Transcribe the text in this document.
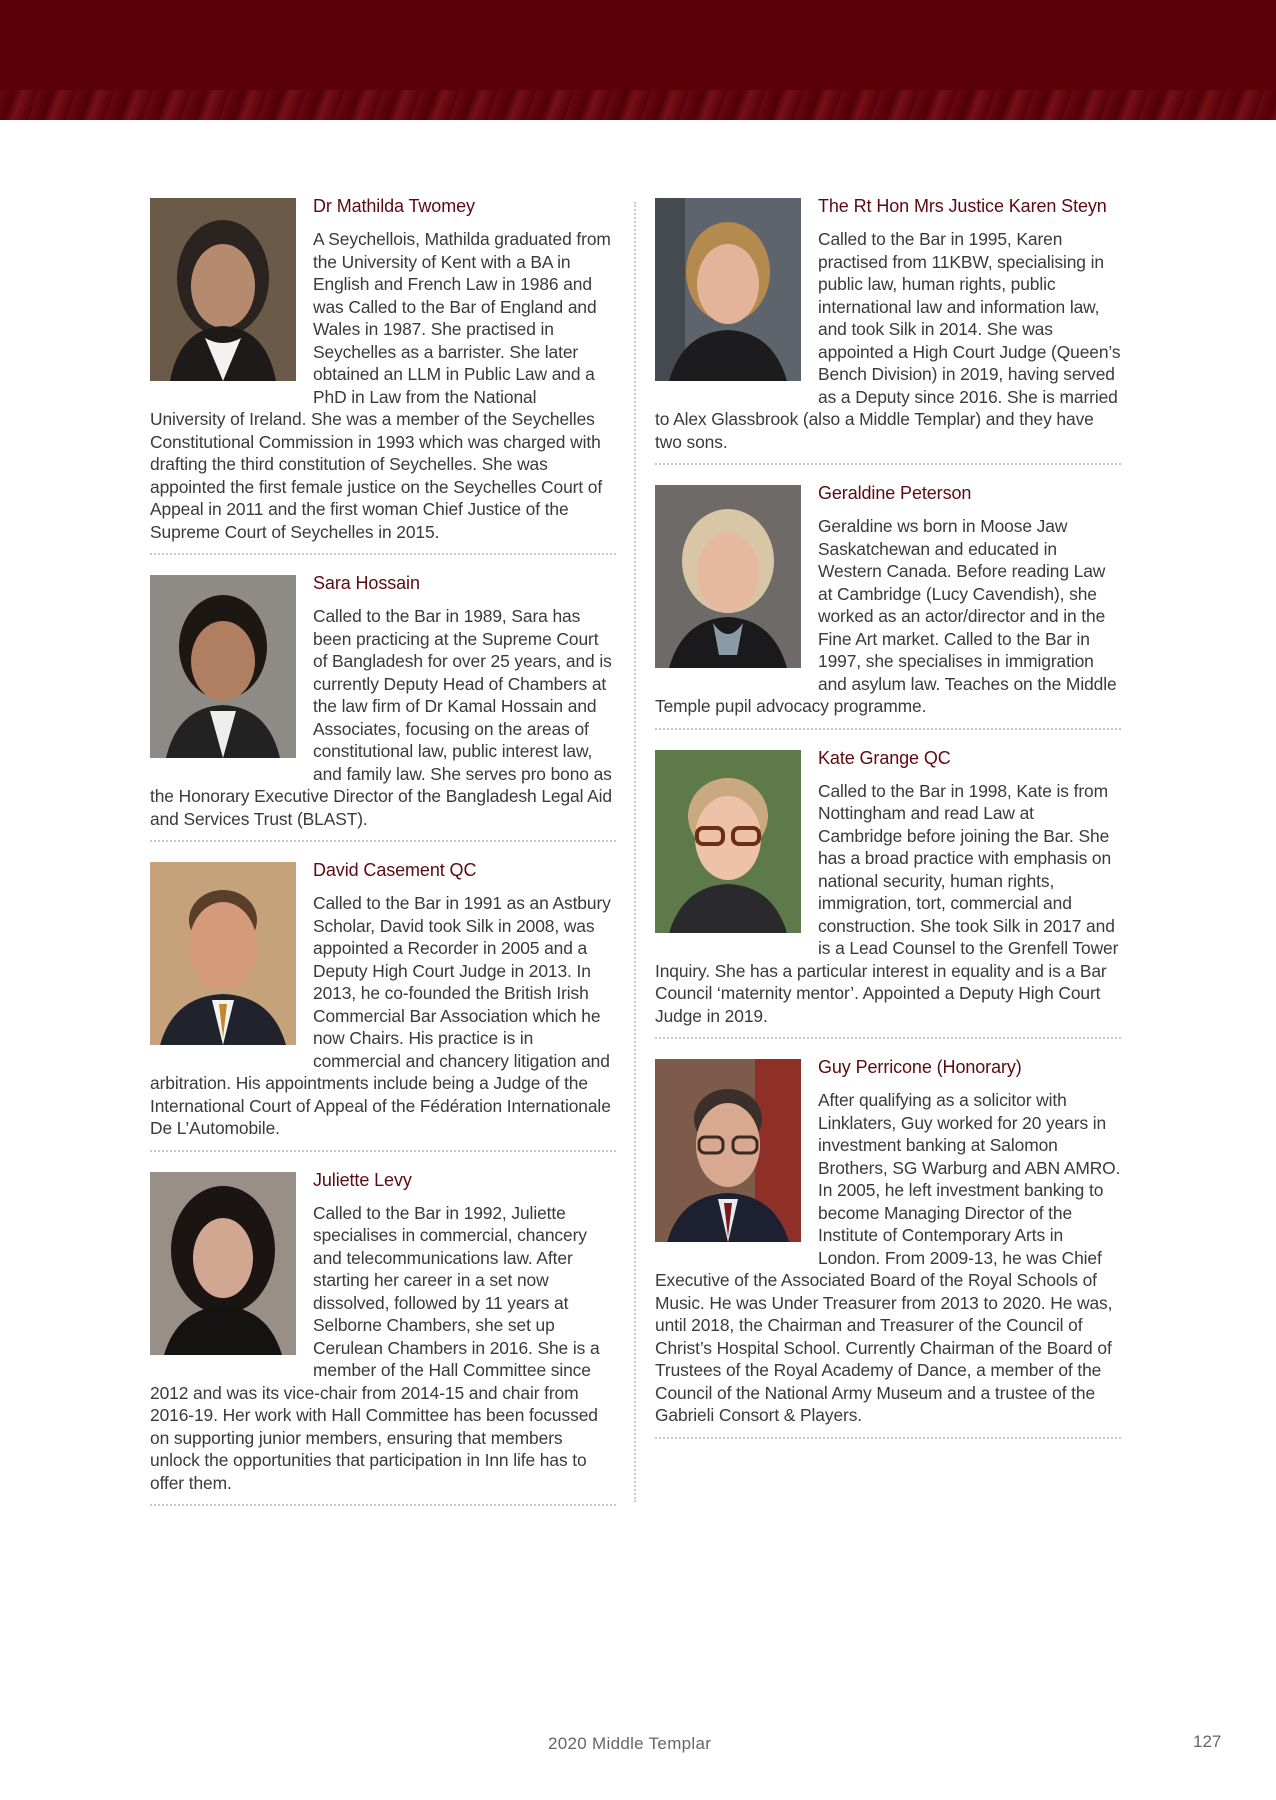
Dr Mathilda Twomey
A Seychellois, Mathilda graduated from the University of Kent with a BA in English and French Law in 1986 and was Called to the Bar of England and Wales in 1987. She practised in Seychelles as a barrister. She later obtained an LLM in Public Law and a PhD in Law from the National University of Ireland. She was a member of the Seychelles Constitutional Commission in 1993 which was charged with drafting the third constitution of Seychelles. She was appointed the first female justice on the Seychelles Court of Appeal in 2011 and the first woman Chief Justice of the Supreme Court of Seychelles in 2015.
Sara Hossain
Called to the Bar in 1989, Sara has been practicing at the Supreme Court of Bangladesh for over 25 years, and is currently Deputy Head of Chambers at the law firm of Dr Kamal Hossain and Associates, focusing on the areas of constitutional law, public interest law, and family law. She serves pro bono as the Honorary Executive Director of the Bangladesh Legal Aid and Services Trust (BLAST).
David Casement QC
Called to the Bar in 1991 as an Astbury Scholar, David took Silk in 2008, was appointed a Recorder in 2005 and a Deputy High Court Judge in 2013. In 2013, he co-founded the British Irish Commercial Bar Association which he now Chairs. His practice is in commercial and chancery litigation and arbitration. His appointments include being a Judge of the International Court of Appeal of the Fédération Internationale De L’Automobile.
Juliette Levy
Called to the Bar in 1992, Juliette specialises in commercial, chancery and telecommunications law. After starting her career in a set now dissolved, followed by 11 years at Selborne Chambers, she set up Cerulean Chambers in 2016. She is a member of the Hall Committee since 2012 and was its vice-chair from 2014-15 and chair from 2016-19. Her work with Hall Committee has been focussed on supporting junior members, ensuring that members unlock the opportunities that participation in Inn life has to offer them.
The Rt Hon Mrs Justice Karen Steyn
Called to the Bar in 1995, Karen practised from 11KBW, specialising in public law, human rights, public international law and information law, and took Silk in 2014. She was appointed a High Court Judge (Queen’s Bench Division) in 2019, having served as a Deputy since 2016. She is married to Alex Glassbrook (also a Middle Templar) and they have two sons.
Geraldine Peterson
Geraldine ws born in Moose Jaw Saskatchewan and educated in Western Canada. Before reading Law at Cambridge (Lucy Cavendish), she worked as an actor/director and in the Fine Art market. Called to the Bar in 1997, she specialises in immigration and asylum law. Teaches on the Middle Temple pupil advocacy programme.
Kate Grange QC
Called to the Bar in 1998, Kate is from Nottingham and read Law at Cambridge before joining the Bar. She has a broad practice with emphasis on national security, human rights, immigration, tort, commercial and construction. She took Silk in 2017 and is a Lead Counsel to the Grenfell Tower Inquiry. She has a particular interest in equality and is a Bar Council ‘maternity mentor’. Appointed a Deputy High Court Judge in 2019.
Guy Perricone (Honorary)
After qualifying as a solicitor with Linklaters, Guy worked for 20 years in investment banking at Salomon Brothers, SG Warburg and ABN AMRO. In 2005, he left investment banking to become Managing Director of the Institute of Contemporary Arts in London. From 2009-13, he was Chief Executive of the Associated Board of the Royal Schools of Music. He was Under Treasurer from 2013 to 2020. He was, until 2018, the Chairman and Treasurer of the Council of Christ’s Hospital School. Currently Chairman of the Board of Trustees of the Royal Academy of Dance, a member of the Council of the National Army Museum and a trustee of the Gabrieli Consort & Players.
2020 Middle Templar	127
